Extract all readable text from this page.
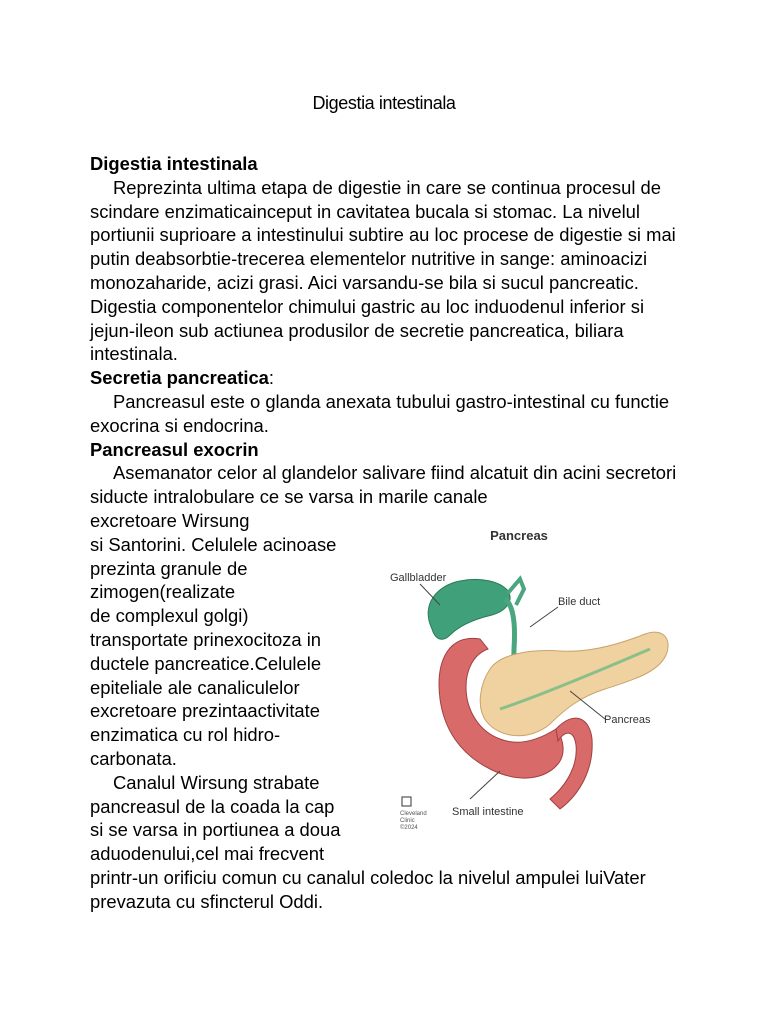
Digestia intestinala

Digestia intestinala

Reprezinta ultima etapa de digestie in care se continua procesul de scindare enzimaticainceput in cavitatea bucala si stomac. La nivelul portiunii suprioare a intestinului subtire au loc procese de digestie si mai putin deabsorbtie-trecerea elementelor nutritive in sange: aminoacizi monozaharide, acizi grasi. Aici varsandu-se bila si sucul pancreatic. Digestia componentelor chimului gastric au loc induodenul inferior si jejun-ileon sub actiunea produsilor de secretie pancreatica, biliara intestinala.

Secretia pancreatica:

Pancreasul este o glanda anexata tubului gastro-intestinal cu functie exocrina si endocrina.

Pancreasul exocrin

Asemanator celor al glandelor salivare fiind alcatuit din acini secretori siducte intralobulare ce se varsa in marile canale

excretoare Wirsung

si Santorini. Celulele acinoase

prezinta granule de

zimogen(realizate

de complexul golgi)

transportate prinexocitoza in

ductele pancreatice.Celulele

epiteliale ale canaliculelor

excretoare prezintaactivitate

enzimatica cu rol hidro-

carbonata.

Canalul Wirsung strabate

pancreasul de la coada la cap

si se varsa in portiunea a doua

aduodenului,cel mai frecvent

Pancreas
Gallbladder
Bile duct
Pancreas
Small intestine
Cleveland
Clinic
©2024

printr-un orificiu comun cu canalul coledoc la nivelul ampulei luiVater prevazuta cu sfincterul Oddi.
